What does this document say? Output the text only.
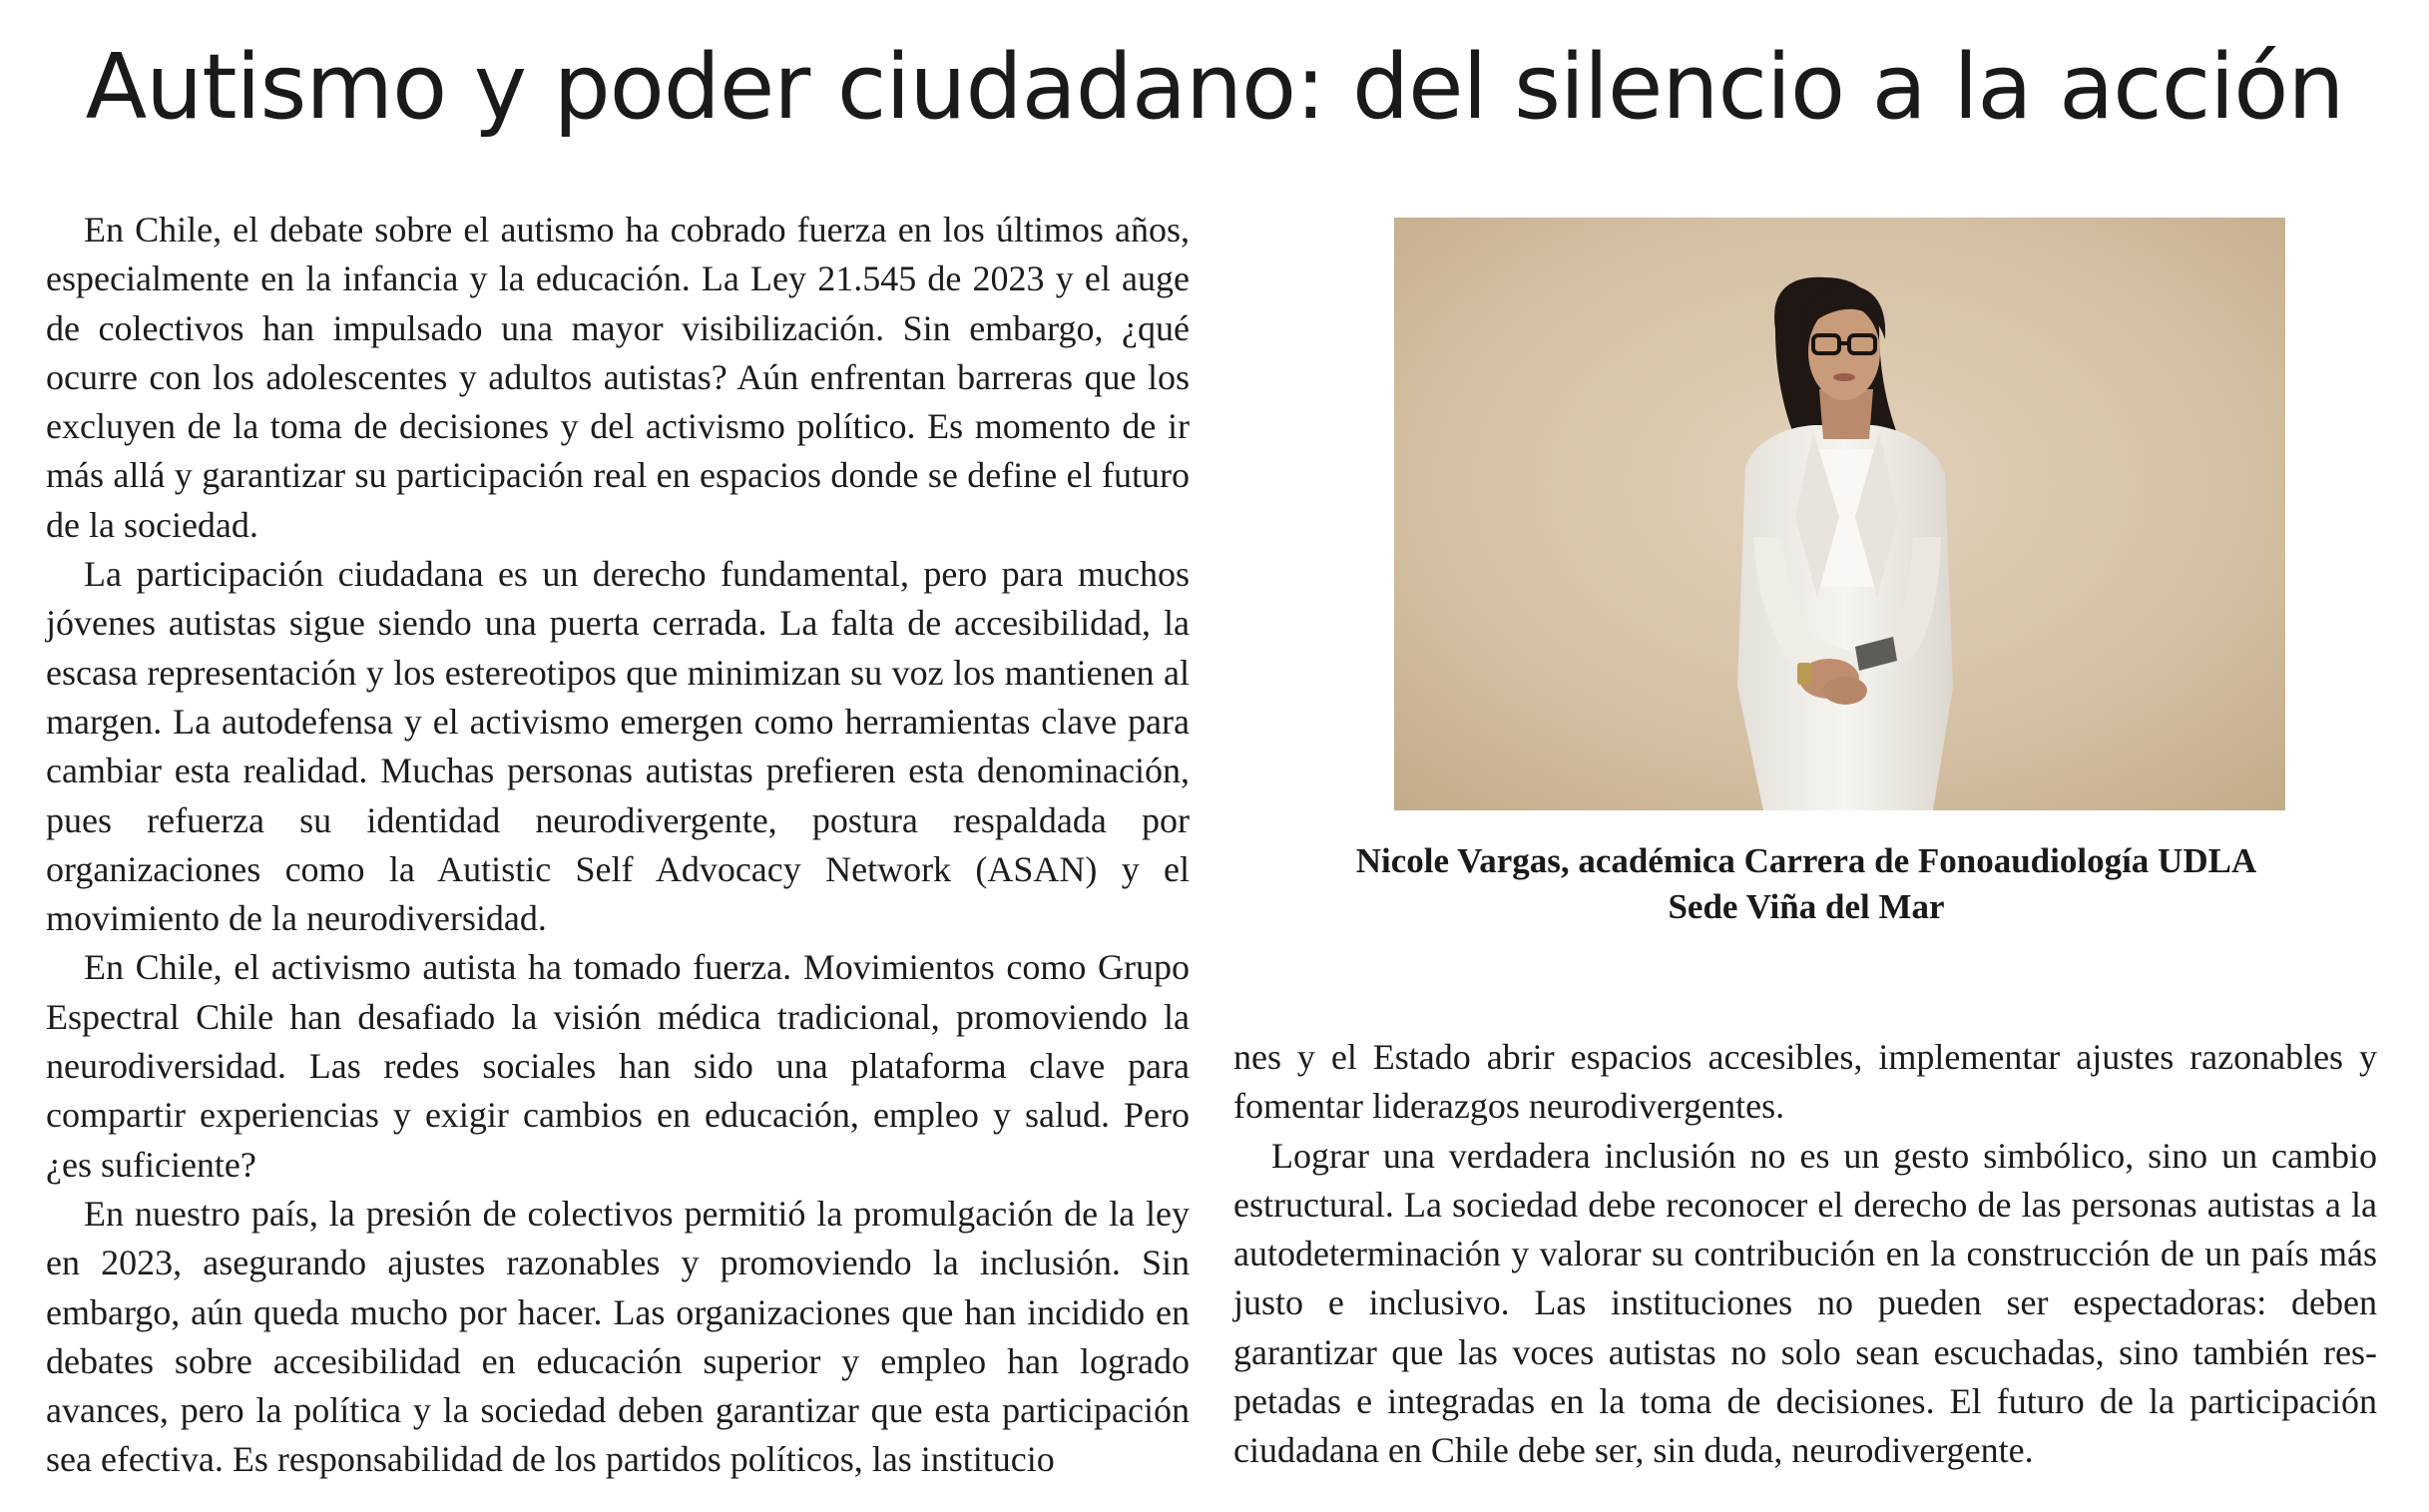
Autismo y poder ciudadano: del silencio a la acción

En Chile, el debate sobre el autismo ha cobrado fuerza en los últimos años, especialmente en la infancia y la educación. La Ley 21.545 de 2023 y el auge de colectivos han impulsado una mayor visibilización. Sin embargo, ¿qué ocurre con los adolescentes y adultos autistas? Aún enfrentan barreras que los excluyen de la toma de decisiones y del activismo político. Es momento de ir más allá y garantizar su participación real en espacios donde se define el futuro de la sociedad.

La participación ciudadana es un derecho fundamental, pero para muchos jóvenes autistas sigue siendo una puerta cerrada. La falta de accesibilidad, la escasa representación y los estereotipos que minimizan su voz los mantienen al margen. La autodefensa y el activismo emergen como herramientas clave para cambiar esta realidad. Muchas personas autistas prefieren esta denominación, pues refuerza su identidad neurodivergente, postura respaldada por organizaciones como la Autistic Self Advocacy Network (ASAN) y el movimiento de la neurodiversidad.

En Chile, el activismo autista ha tomado fuerza. Movimientos como Grupo Espectral Chile han desafiado la visión médica tradicional, promoviendo la neurodiversidad. Las redes sociales han sido una plataforma clave para compartir experiencias y exigir cambios en educación, empleo y salud. Pero ¿es suficiente?

En nuestro país, la presión de colectivos permitió la promulgación de la ley en 2023, asegurando ajustes razonables y promoviendo la inclusión. Sin embargo, aún queda mucho por hacer. Las organizaciones que han incidido en debates sobre accesibilidad en educación superior y empleo han logrado avances, pero la política y la sociedad deben garantizar que esta participación sea efectiva. Es responsabilidad de los partidos políticos, las institucio

Nicole Vargas, académica Carrera de Fonoaudiología UDLA
Sede Viña del Mar

nes y el Estado abrir espacios accesibles, implementar ajustes razonables y fomentar liderazgos neurodivergentes.

Lograr una verdadera inclusión no es un gesto simbólico, sino un cambio estructural. La sociedad debe reconocer el derecho de las personas autistas a la autodeterminación y valorar su contribución en la construcción de un país más justo e inclusivo. Las instituciones no pueden ser espectadoras: deben garantizar que las voces autistas no solo sean escuchadas, sino también respetadas e integradas en la toma de decisiones. El futuro de la participación ciudadana en Chile debe ser, sin duda, neurodivergente.
